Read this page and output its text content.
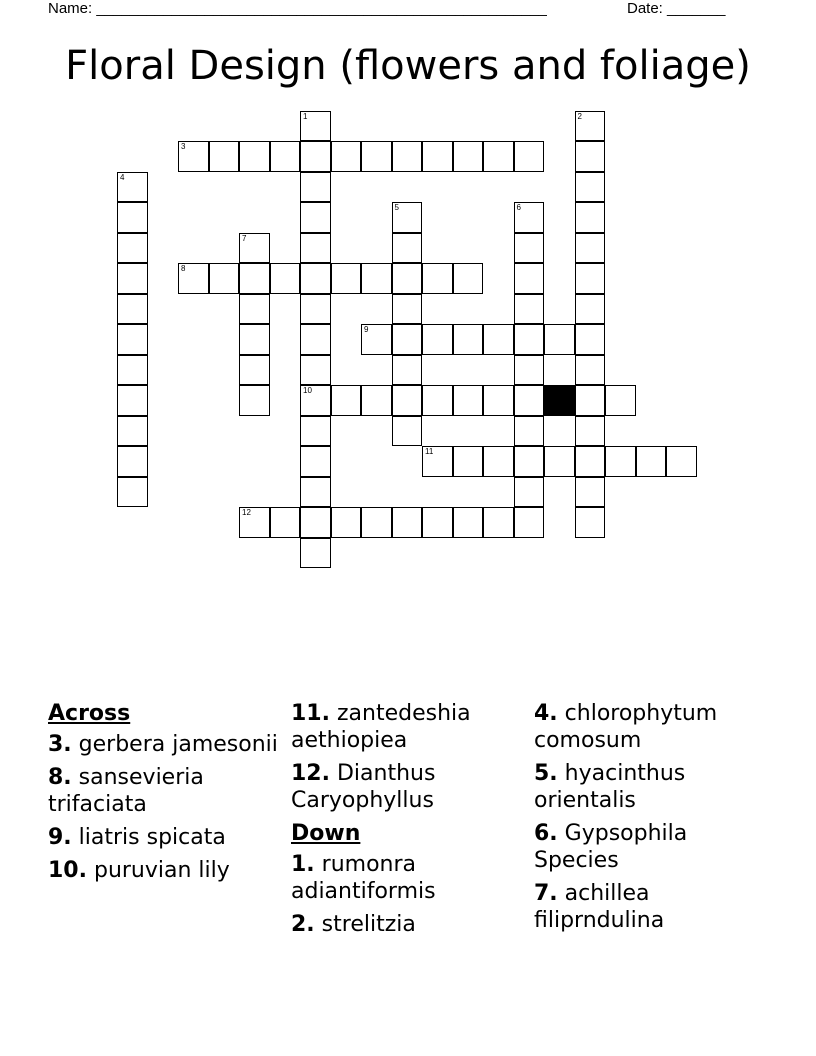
Name: ______________________________________________________	Date: _______
Floral Design (flowers and foliage)
1
10
2
3
4
5	6
7
8
9
11
12
Across
3. gerbera jamesonii
8. sansevieria trifaciata
9. liatris spicata
10. puruvian lily
11. zantedeshia aethiopiea
12. Dianthus Caryophyllus
Down
1. rumonra adiantiformis
2. strelitzia
4. chlorophytum comosum
5. hyacinthus orientalis
6. Gypsophila Species
7. achillea filiprndulina
